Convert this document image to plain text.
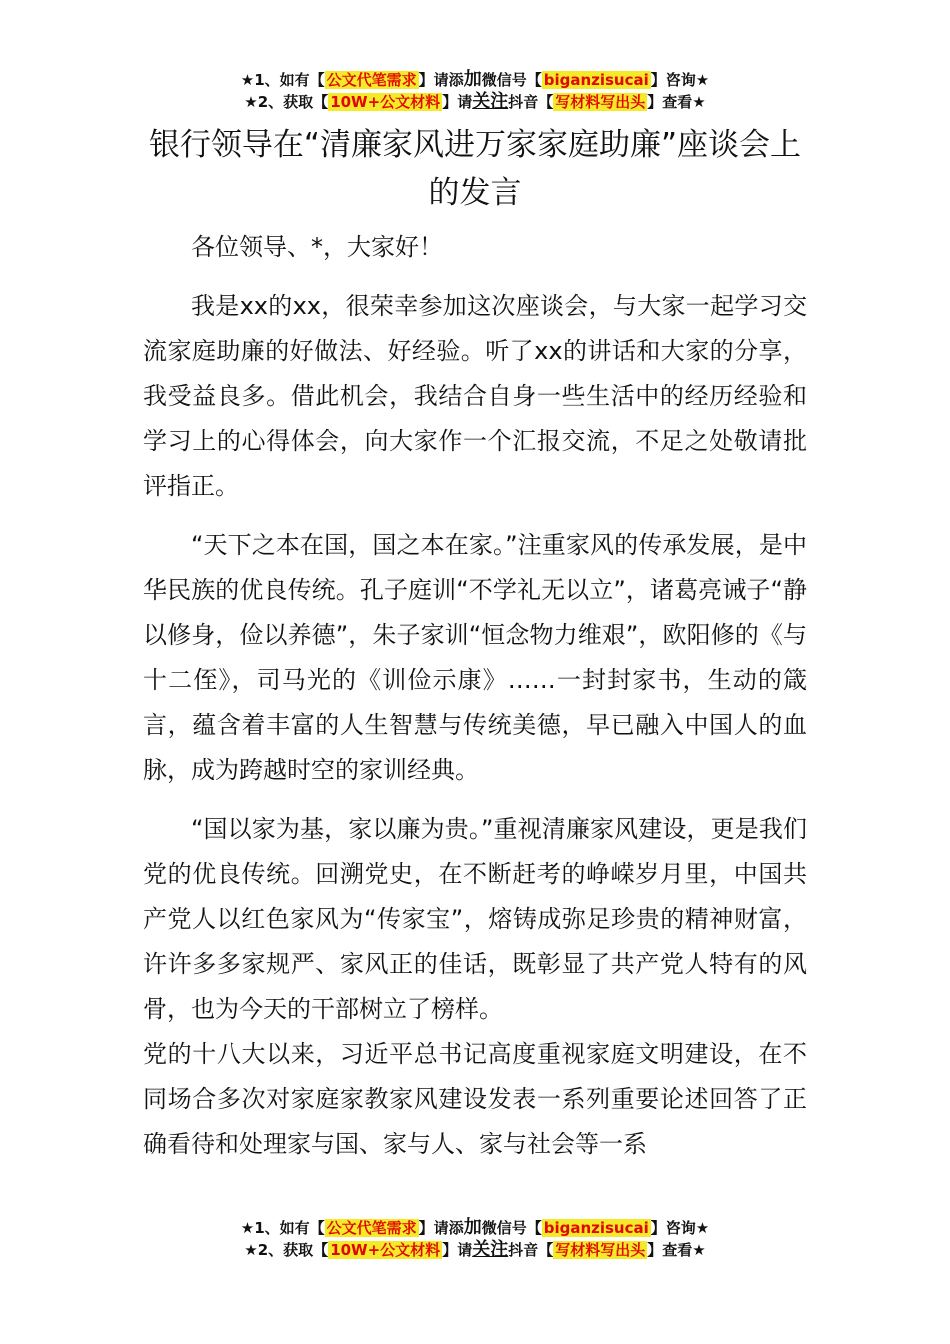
★1、如有【 公文代笔需求 】请添加微信号【 biganzisucai 】咨询★
★2、获取【 10W+公文材料 】请关注抖音【 写材料写出头 】查看★
银行领导在“清廉家风进万家家庭助廉”座谈会上的发言

各位领导、*，大家好！

我是xx的xx，很荣幸参加这次座谈会，与大家一起学习交流家庭助廉的好做法、好经验。听了xx的讲话和大家的分享，我受益良多。借此机会，我结合自身一些生活中的经历经验和学习上的心得体会，向大家作一个汇报交流，不足之处敬请批评指正。

“天下之本在国，国之本在家。”注重家风的传承发展，是中华民族的优良传统。孔子庭训“不学礼无以立”，诸葛亮诫子“静以修身，俭以养德”，朱子家训“恒念物力维艰”，欧阳修的《与十二侄》，司马光的《训俭示康》……一封封家书，生动的箴言，蕴含着丰富的人生智慧与传统美德，早已融入中国人的血脉，成为跨越时空的家训经典。

“国以家为基，家以廉为贵。”重视清廉家风建设，更是我们党的优良传统。回溯党史，在不断赶考的峥嵘岁月里，中国共产党人以红色家风为“传家宝”，熔铸成弥足珍贵的精神财富，许许多多家规严、家风正的佳话，既彰显了共产党人特有的风骨，也为今天的干部树立了榜样。

党的十八大以来，习近平总书记高度重视家庭文明建设，在不同场合多次对家庭家教家风建设发表一系列重要论述回答了正确看待和处理家与国、家与人、家与社会等一系

★1、如有【 公文代笔需求 】请添加微信号【 biganzisucai 】咨询★
★2、获取【 10W+公文材料 】请关注抖音【 写材料写出头 】查看★
